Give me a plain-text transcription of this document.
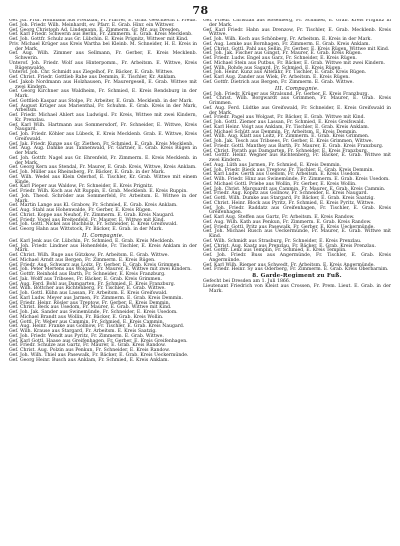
78
Gef. Jul. Frdr. Hoffmann aus Prenzlau, Fr. Pfarrer, E. Grab. Geschlecht i. Preuß.
Gef. Joh. Friedr. Wilh. Meinhardt, ev. Pfarr. E. Grab. Hinr. ein Wittwer.
Gef. Georg Christoph Ad. Lindemann, E. Zimmerm. Gr. Mr. aus Dresden.
Gef. Karl Friedr. Schwerin aus Berlin, Fr. Zimmerm. E. Grab. Kreis Mecklenb.
Gef. Joh. Gottfr. Schulz aus Gr. Lübchin. E. Kreis Prignitz, Wittwer mit Kind.
Priv. Michael Krüger aus Kreis Wartha bei Kleinb. M. Schneider, H. E. Kreis in der Mark.
Gef. Aug. Wilh. Zimmer aus Sellmann, Fr. Gerber, E. Kreis Mecklenb. Schwerin.
Unterof. Joh. Friedr. Wolf aus Hinterpomm., Fr. Arbeitsm. E. Wittwe, Kreis Rügenwalde.
Unterof. Joh. Chr. Schmidt aus Ziegelhof, Fr. Bäcker, E. Grab. Wittwe.
Gef. Christ. Friedr. Gottlieb Rabe aus Demmin, E. Tischler, Kr. Anklam.
Gef. Jakob Nordmann aus Holzhausen, Fr. Maurergesell, E. Grab. Wittwe mit zwei Kindern.
Gef. Georg Kirchner aus Waldheim, Fr. Schmied, E. Kreis Rendsburg in der Mark.
Gef. Gottlieb Kaspar aus Stolpe, Fr. Arbeiter, E. Grab. Mecklenb. in der Mark.
Gef. August Krüger aus Marienthal, Fr. Schuhm. E. Grab. Kreis in der Mark, Arbeitsm.
Gef. Friedr. Michael Ahlert aus Ludwigsl. Fr. Kreis, Wittwe mit zwei Kindern, Kr. Prenzlau.
Gef. Karl Wilh. Hartmann aus Sommersdorf, Fr. Schneider, E. Wittwe, Kreis Naugard.
Gef. Joh. Friedr. Köhler aus Lübeck, E. Kreis Mecklenb. Grab. E. Wittwe, Kreis Greifswald.
Gef. Jak. Friedr. Kunze aus Gr. Ziethen, Fr. Schmied, E. Grab. Kreis Mecklenb.
Gef. Aug. Aug. Dahlke aus Tannenwald, Fr. Gärtner, E. Grab. Kreis Rügen in der Mark.
Gef. Joh. Gottfr. Nagel aus Gr. Ehrenfeld, Fr. Zimmerm. E. Kreis Mecklenb. in der Mark.
Gef. Georg Kern aus Stendal, Fr. Maurer, E. Grab. Kreis, Wittwe, Kreis Anklam.
Gef. Joh. Müller aus Rheinsberg, Fr. Bäcker, E. Grab. in der Mark.
Gef. Wilh. Wedel aus Klein Oderhof, E. Tischler, Kr. Grab. Wittwe mit einem Kinde.
Gef. Karl Pieper aus Waldow, Fr. Schneider, E. Kreis Prignitz.
Gef. Friedr. Wilh. Koch aus Alt Ruppin, E. Grab. Mecklenb. E. Kreis Ruppin.
Gef. Joh. Theod. Schröder aus Sommerfeld, Fr. Arbeitsm. E. Wittwe in der Mark.
Gef. Martin Lange aus Kl. Grabow, Fr. Schmied, E. Grab. Kreis Anklam.
Gef. Aug. Stahl aus Hohenwalde, Fr. Gerber, E. Kreis Rügen.
Gef. Christ. Koppe aus Neuhof, Fr. Zimmerm. E. Grab. Kreis Naugard.
Gef. Friedr. Vogel aus Breitenfeld, Fr. Maurer, E. Wittwe mit Kind.
Gef. Joh. Gottl. Nickel aus Buchholz, Fr. Schneider, E. Kreis Greifswald.
Gef. Georg Hahn aus Wittstock, Fr. Bäcker, E. Grab. in der Mark.
II. Compagnie.
Gef. Karl Jenk aus Gr. Lübchin, Fr. Schmied, E. Grab. Kreis Mecklenb.
Gef. Joh. Friedr. Lindner aus Hohenfelde, Fr. Tischler, E. Kreis Anklam in der Mark.
Gef. Christ. Wilh. Ruge aus Gützkow, Fr. Arbeitsm. E. Grab. Wittwe.
Gef. Michael Arndt aus Bergen, Fr. Zimmerm. E. Kreis Rügen.
Gef. Friedr. Aug. Schwarz aus Loitz, Fr. Gerber, E. Grab. Kreis Grimmen.
Gef. Joh. Peter Mertens aus Wolgast, Fr. Maurer, E. Wittwe mit zwei Kindern.
Gef. Gottfr. Reinhold aus Barth, Fr. Schneider, E. Kreis Franzburg.
Gef. Jak. Wolff aus Tribsees, Fr. Bäcker, E. Grab. Kreis Grimmen.
Gef. Aug. Ferd. Bohl aus Damgarten, Fr. Schmied, E. Kreis Franzburg.
Gef. Wilh. Böttcher aus Richtenberg, Fr. Tischler, E. Grab. Wittwe.
Gef. Joh. Gottl. Kühn aus Lassan, Fr. Arbeitsm. E. Kreis Greifswald.
Gef. Karl Ludw. Meyer aus Jarmen, Fr. Zimmerm. E. Grab. Kreis Demmin.
Gef. Friedr. Heinr. Rösler aus Treptow, Fr. Gerber, E. Kreis Demmin.
Gef. Christ. Beck aus Usedom, Fr. Maurer, E. Grab. Wittwe mit Kind.
Gef. Joh. Jak. Sander aus Swinemünde, Fr. Schneider, E. Kreis Usedom.
Gef. Michael Brandt aus Wollin, Fr. Bäcker, E. Grab. Kreis Wollin.
Gef. Gottl. Fr. Weber aus Cammin, Fr. Schmied, E. Kreis Cammin.
Gef. Aug. Heinr. Franke aus Gollnow, Fr. Tischler, E. Grab. Kreis Naugard.
Gef. Wilh. Krause aus Stargard, Fr. Arbeitsm. E. Kreis Saatzig.
Gef. Joh. Friedr. Wendt aus Pyritz, Fr. Zimmerm. E. Grab. Wittwe.
Gef. Karl Gottl. Haase aus Greifenhagen, Fr. Gerber, E. Kreis Greifenhagen.
Gef. Friedr. Schulze aus Gartz, Fr. Maurer, E. Grab. Kreis Randow.
Gef. Christ. Aug. Polzin aus Penkun, Fr. Schneider, E. Kreis Randow.
Gef. Joh. Wilh. Thiel aus Pasewalk, Fr. Bäcker, E. Grab. Kreis Ueckermünde.
Gef. Georg Heinr. Busch aus Anklam, Fr. Schmied, E. Kreis Anklam.
Gef. Friedr. Christian aus Rosenberg, Fr. Schmied, E. Grab. Kreis Prignitz in der Mark.
Gef. Karl Friedr. Hahn aus Drenzow, Fr. Tischler, E. Grab. Mecklenb. Kreis Wittwe.
Gef. Joh. Wilh. Koch aus Schönberg, Fr. Arbeitsm. E. Kreis in der Mark.
Gef. Aug. Lemke aus Bornhagen, Fr. Zimmerm. E. Grab. Kreis Anklam.
Gef. Christ. Gottl. Pahl aus Sellin, Fr. Gerber, E. Kreis Rügen, Wittwe mit Kind.
Gef. Joh. Jak. Fischer aus Gingst, Fr. Maurer, E. Grab. Kreis Rügen.
Gef. Friedr. Ludw. Engel aus Garz, Fr. Schneider, E. Kreis Rügen.
Gef. Michael Stein aus Putbus, Fr. Bäcker, E. Grab. Wittwe mit zwei Kindern.
Gef. Wilh. Rohde aus Sagard, Fr. Schmied, E. Kreis Rügen.
Gef. Joh. Heinr. Kunz aus Altefähr, Fr. Tischler, E. Grab. Kreis Rügen.
Gef. Karl Aug. Zander aus Wiek, Fr. Arbeitsm. E. Kreis Rügen.
Gef. Gottfr. Dietrich aus Bergen, Fr. Zimmerm. E. Grab. Wittwe.
III. Compagnie.
Gef. Joh. Friedr. Krüger aus Stralsund, Fr. Gerber, E. Kreis Franzburg.
Gef. Christ. Wilh. Borgwardt aus Grimmen, Fr. Maurer, E. Grab. Kreis Grimmen.
Gef. Aug. Ferd. Lüdtke aus Greifswald, Fr. Schneider, E. Kreis Greifswald in der Mark.
Gef. Friedr. Pagel aus Wolgast, Fr. Bäcker, E. Grab. Wittwe mit Kind.
Gef. Joh. Gottl. Ziemer aus Lassan, Fr. Schmied, E. Kreis Greifswald.
Gef. Karl Heinr. Voigt aus Anklam, Fr. Tischler, E. Grab. Kreis Anklam.
Gef. Michael Schütt aus Demmin, Fr. Arbeitsm. E. Kreis Demmin.
Gef. Wilh. Aug. Klatt aus Loitz, Fr. Zimmerm. E. Grab. Kreis Grimmen.
Gef. Joh. Jak. Tesch aus Tribsees, Fr. Gerber, E. Kreis Grimmen, Wittwe.
Gef. Friedr. Gottl. Manthey aus Barth, Fr. Maurer, E. Grab. Kreis Franzburg.
Gef. Christ. Porath aus Damgarten, Fr. Schneider, E. Kreis Franzburg.
Gef. Gottfr. Heinr. Wegner aus Richtenberg, Fr. Bäcker, E. Grab. Wittwe mit zwei Kindern.
Gef. Aug. Lüth aus Jarmen, Fr. Schmied, E. Kreis Demmin.
Gef. Joh. Friedr. Rieck aus Treptow, Fr. Tischler, E. Grab. Kreis Demmin.
Gef. Karl Ludw. Gerth aus Usedom, Fr. Arbeitsm. E. Kreis Usedom.
Gef. Wilh. Friedr. Hinz aus Swinemünde, Fr. Zimmerm. E. Grab. Kreis Usedom.
Gef. Michael Gottl. Priebe aus Wollin, Fr. Gerber, E. Kreis Wollin.
Gef. Joh. Christ. Marquardt aus Cammin, Fr. Maurer, E. Grab. Kreis Cammin.
Gef. Friedr. Aug. Kopitz aus Gollnow, Fr. Schneider, E. Kreis Naugard.
Gef. Gottl. Wilh. Dumke aus Stargard, Fr. Bäcker, E. Grab. Kreis Saatzig.
Gef. Christ. Heinr. Block aus Pyritz, Fr. Schmied, E. Kreis Pyritz, Wittwe.
Gef. Joh. Friedr. Raddatz aus Greifenhagen, Fr. Tischler, E. Grab. Kreis Greifenhagen.
Gef. Karl Aug. Steffen aus Gartz, Fr. Arbeitsm. E. Kreis Randow.
Gef. Aug. Wilh. Kath aus Penkun, Fr. Zimmerm. E. Grab. Kreis Randow.
Gef. Friedr. Gottl. Pritz aus Pasewalk, Fr. Gerber, E. Kreis Ueckermünde.
Gef. Joh. Michael Rusch aus Ueckermünde, Fr. Maurer, E. Grab. Wittwe mit Kind.
Gef. Wilh. Schmidt aus Strasburg, Fr. Schneider, E. Kreis Prenzlau.
Gef. Christ. Aug. Kaatz aus Prenzlau, Fr. Bäcker, E. Grab. Kreis Prenzlau.
Gef. Gottfr. Lenz aus Templin, Fr. Schmied, E. Kreis Templin.
Gef. Joh. Friedr. Buss aus Angermünde, Fr. Tischler, E. Grab. Kreis Angermünde.
Gef. Karl Wilh. Riemer aus Schwedt, Fr. Arbeitsm. E. Kreis Angermünde.
Gef. Friedr. Heinr. Sy aus Oderberg, Fr. Zimmerm. E. Grab. Kreis Oberbarnim.
8. Garde-Regiment zu Fuß.
Gefecht bei Dresden am 1. Juli 1866.
Lieutenant Friedrich von Kleist aus Crossen, Fr. Prem. Lieut. E. Grab. in der Mark.
